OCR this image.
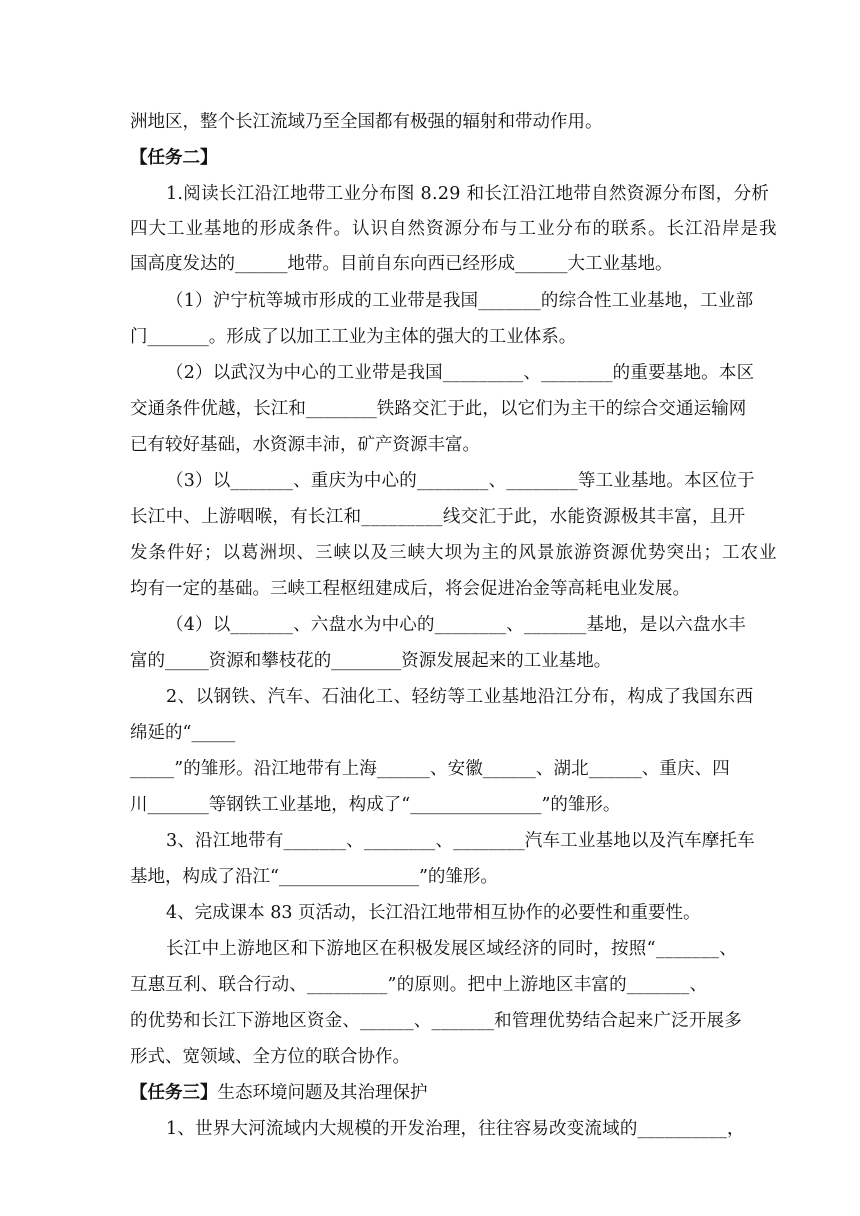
洲地区，整个长江流域乃至全国都有极强的辐射和带动作用。

【任务二】

1.阅读长江沿江地带工业分布图 8.29 和长江沿江地带自然资源分布图，分析

四大工业基地的形成条件。认识自然资源分布与工业分布的联系。长江沿岸是我

国高度发达的______地带。目前自东向西已经形成______大工业基地。

（1）沪宁杭等城市形成的工业带是我国_______的综合性工业基地，工业部

门_______。形成了以加工工业为主体的强大的工业体系。

（2）以武汉为中心的工业带是我国_________、________的重要基地。本区

交通条件优越，长江和________铁路交汇于此，以它们为主干的综合交通运输网

已有较好基础，水资源丰沛，矿产资源丰富。

（3）以_______、重庆为中心的________、________等工业基地。本区位于

长江中、上游咽喉，有长江和_________线交汇于此，水能资源极其丰富，且开

发条件好；以葛洲坝、三峡以及三峡大坝为主的风景旅游资源优势突出；工农业

均有一定的基础。三峡工程枢纽建成后，将会促进冶金等高耗电业发展。

（4）以_______、六盘水为中心的________、_______基地，是以六盘水丰

富的_____资源和攀枝花的________资源发展起来的工业基地。

2、以钢铁、汽车、石油化工、轻纺等工业基地沿江分布，构成了我国东西

绵延的“_____

_____”的雏形。沿江地带有上海______、安徽______、湖北______、重庆、四

川_______等钢铁工业基地，构成了“_______________”的雏形。

3、沿江地带有_______、________、________汽车工业基地以及汽车摩托车

基地，构成了沿江“________________”的雏形。

4、完成课本 83 页活动，长江沿江地带相互协作的必要性和重要性。

长江中上游地区和下游地区在积极发展区域经济的同时，按照“_______、

互惠互利、联合行动、_________”的原则。把中上游地区丰富的_______、

的优势和长江下游地区资金、______、_______和管理优势结合起来广泛开展多

形式、宽领域、全方位的联合协作。

【任务三】生态环境问题及其治理保护

1、世界大河流域内大规模的开发治理，往往容易改变流域的__________，
